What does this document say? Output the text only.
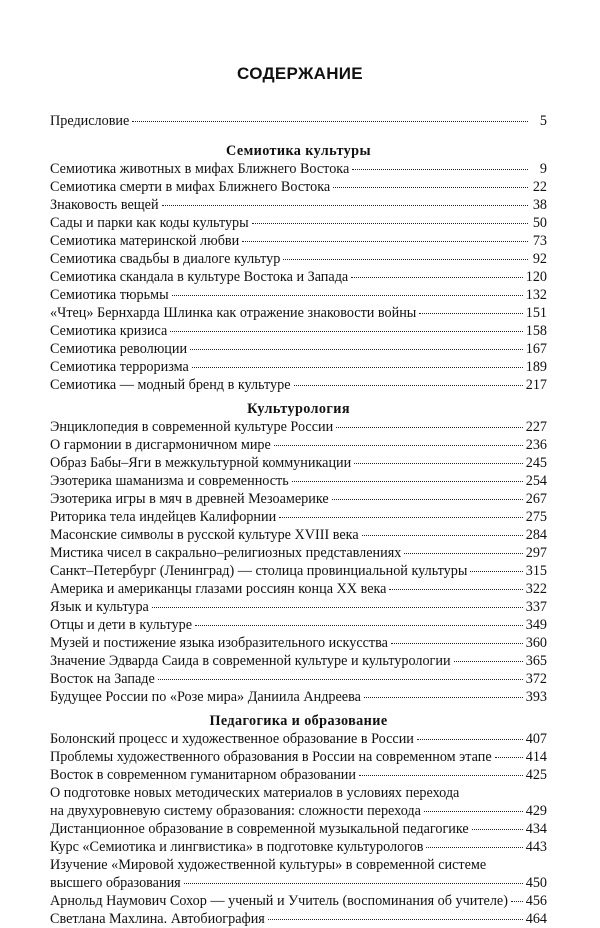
СОДЕРЖАНИЕ
Предисловие	5
Семиотика культуры
Семиотика животных в мифах Ближнего Востока	9
Семиотика смерти в мифах Ближнего Востока	22
Знаковость вещей	38
Сады и парки как коды культуры	50
Семиотика материнской любви	73
Семиотика свадьбы в диалоге культур	92
Семиотика скандала в культуре Востока и Запада	120
Семиотика тюрьмы	132
«Чтец» Бернхарда Шлинка как отражение знаковости войны	151
Семиотика кризиса	158
Семиотика революции	167
Семиотика терроризма	189
Семиотика — модный бренд в культуре	217
Культурология
Энциклопедия в современной культуре России	227
О гармонии в дисгармоничном мире	236
Образ Бабы–Яги в межкультурной коммуникации	245
Эзотерика шаманизма и современность	254
Эзотерика игры в мяч в древней Мезоамерике	267
Риторика тела индейцев Калифорнии	275
Масонские символы в русской культуре XVIII века	284
Мистика чисел в сакрально–религиозных представлениях	297
Санкт–Петербург (Ленинград) — столица провинциальной культуры	315
Америка и американцы глазами россиян конца ХХ века	322
Язык и культура	337
Отцы и дети в культуре	349
Музей и постижение языка изобразительного искусства	360
Значение Эдварда Саида в современной культуре и культурологии	365
Восток на Западе	372
Будущее России по «Розе мира» Даниила Андреева	393
Педагогика и образование
Болонский процесс и художественное образование в России	407
Проблемы художественного образования в России на современном этапе 414
Восток в современном гуманитарном образовании	425
О подготовке новых методических материалов в условиях перехода
на двухуровневую систему образования: сложности перехода	429
Дистанционное образование в современной музыкальной педагогике	434
Курс «Семиотика и лингвистика» в подготовке культурологов	443
Изучение «Мировой художественной культуры» в современной системе
высшего образования	450
Арнольд Наумович Сохор — ученый и Учитель (воспоминания об учителе) 456
Светлана Махлина. Автобиография	464
